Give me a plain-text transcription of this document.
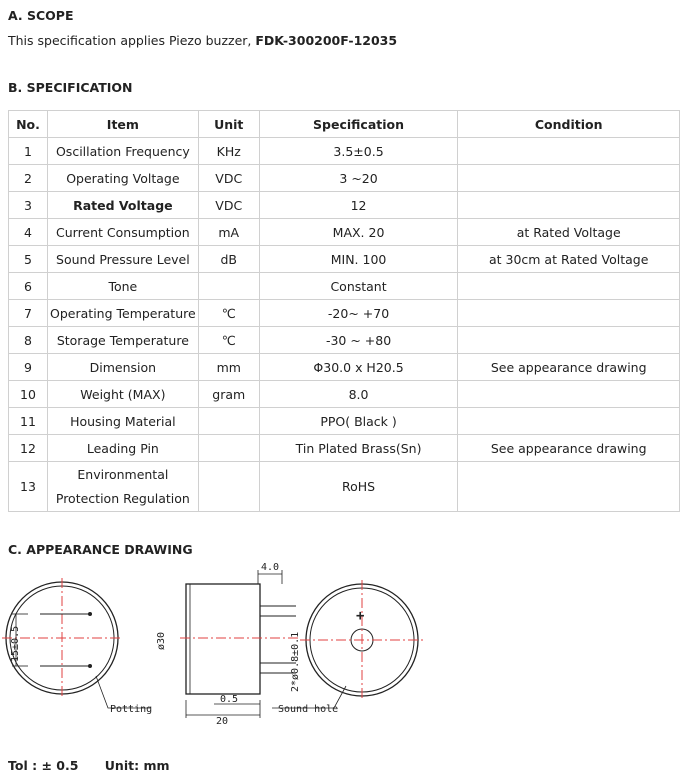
A. SCOPE
This specification applies Piezo buzzer, FDK-300200F-12035
B. SPECIFICATION
No.	Item	Unit	Specification	Condition
1	Oscillation Frequency	KHz	3.5±0.5	
2	Operating Voltage	VDC	3 ~20	
3	Rated Voltage	VDC	12	
4	Current Consumption	mA	MAX. 20	at Rated Voltage
5	Sound Pressure Level	dB	MIN. 100	at 30cm at Rated Voltage
6	Tone		Constant	
7	Operating Temperature	℃	-20~ +70	
8	Storage Temperature	℃	-30 ~ +80	
9	Dimension	mm	Φ30.0 x H20.5	See appearance drawing
10	Weight (MAX)	gram	8.0	
11	Housing Material		PPO( Black )	
12	Leading Pin		Tin Plated Brass(Sn)	See appearance drawing
13	Environmental
Protection Regulation		RoHS	
C. APPEARANCE DRAWING
15±0.5
Potting
4.0
ø30
0.5
20
2*ø0.8±0.1
Sound hole
+
Tol : ± 0.5 Unit: mm
